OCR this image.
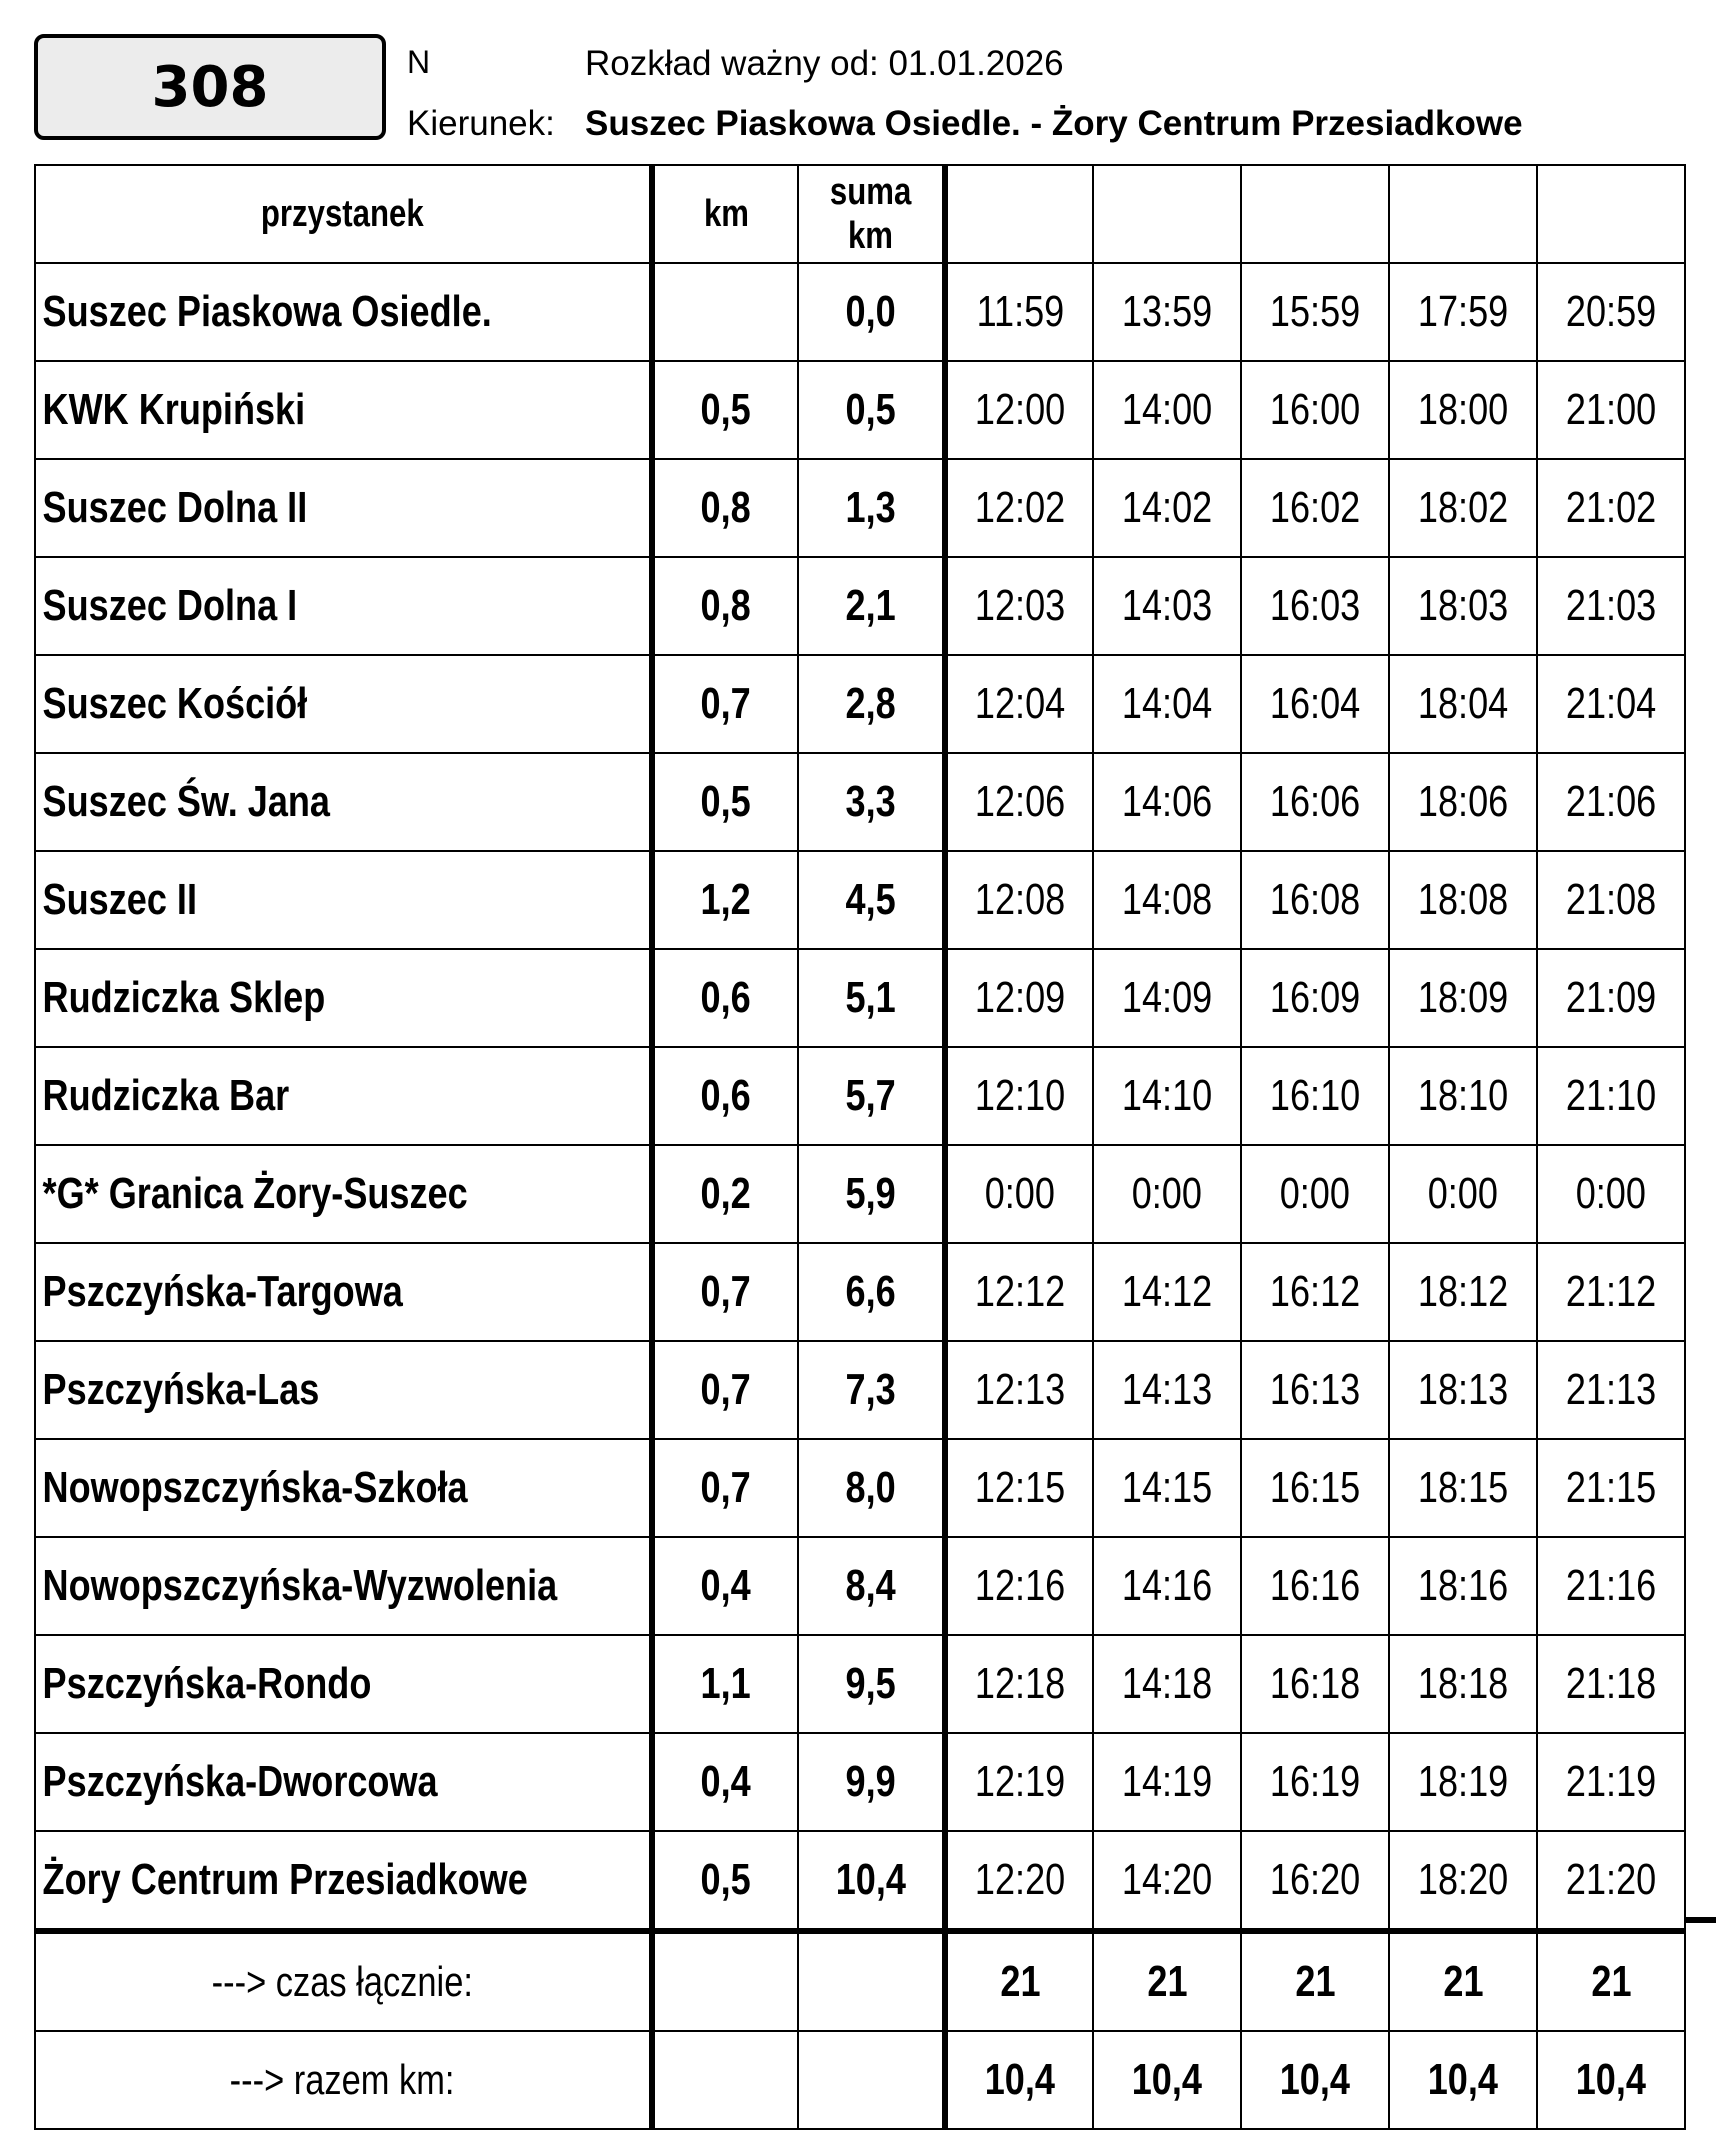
308	N	Rozkład ważny od: 01.01.2026
Kierunek: Suszec Piaskowa Osiedle. - Żory Centrum Przesiadkowe
przystanek	km	suma
km					
Suszec Piaskowa Osiedle.		0,0	11:59	13:59	15:59	17:59	20:59
KWK Krupiński	0,5	0,5	12:00	14:00	16:00	18:00	21:00
Suszec Dolna II	0,8	1,3	12:02	14:02	16:02	18:02	21:02
Suszec Dolna I	0,8	2,1	12:03	14:03	16:03	18:03	21:03
Suszec Kościół	0,7	2,8	12:04	14:04	16:04	18:04	21:04
Suszec Św. Jana	0,5	3,3	12:06	14:06	16:06	18:06	21:06
Suszec II	1,2	4,5	12:08	14:08	16:08	18:08	21:08
Rudziczka Sklep	0,6	5,1	12:09	14:09	16:09	18:09	21:09
Rudziczka Bar	0,6	5,7	12:10	14:10	16:10	18:10	21:10
*G* Granica Żory-Suszec	0,2	5,9	0:00	0:00	0:00	0:00	0:00
Pszczyńska-Targowa	0,7	6,6	12:12	14:12	16:12	18:12	21:12
Pszczyńska-Las	0,7	7,3	12:13	14:13	16:13	18:13	21:13
Nowopszczyńska-Szkoła	0,7	8,0	12:15	14:15	16:15	18:15	21:15
Nowopszczyńska-Wyzwolenia	0,4	8,4	12:16	14:16	16:16	18:16	21:16
Pszczyńska-Rondo	1,1	9,5	12:18	14:18	16:18	18:18	21:18
Pszczyńska-Dworcowa	0,4	9,9	12:19	14:19	16:19	18:19	21:19
Żory Centrum Przesiadkowe	0,5	10,4	12:20	14:20	16:20	18:20	21:20
---> czas łącznie:			21	21	21	21	21
---> razem km:			10,4	10,4	10,4	10,4	10,4
